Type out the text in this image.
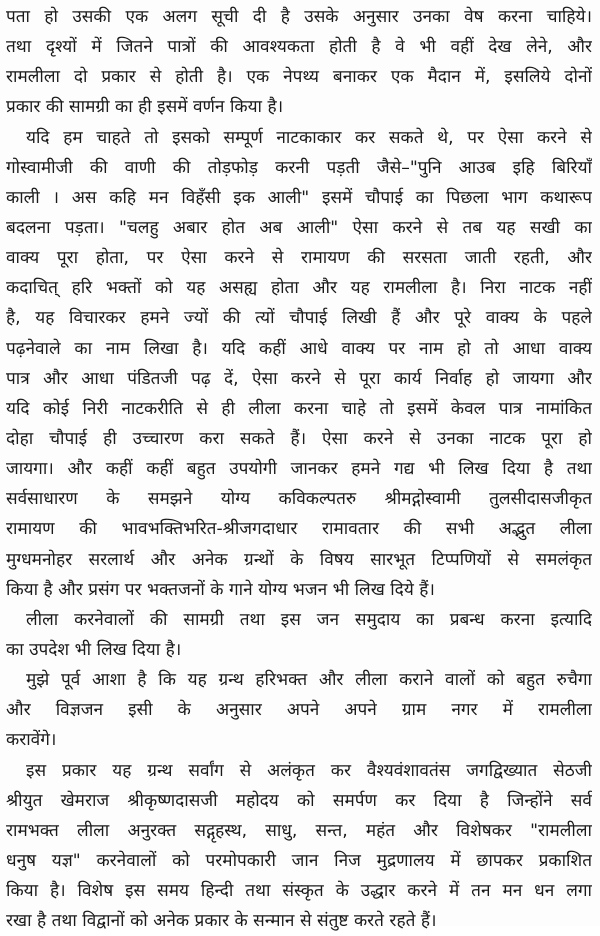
पता हो उसकी एक अलग सूची दी है उसके अनुसार उनका वेष करना चाहिये।
तथा दृश्यों में जितने पात्रों की आवश्यकता होती है वे भी वहीं देख लेने, और
रामलीला दो प्रकार से होती है। एक नेपथ्य बनाकर एक मैदान में, इसलिये दोनों
प्रकार की सामग्री का ही इसमें वर्णन किया है।
यदि हम चाहते तो इसको सम्पूर्ण नाटकाकार कर सकते थे, पर ऐसा करने से
गोस्वामीजी की वाणी की तोड़फोड़ करनी पड़ती जैसे–"पुनि आउब इहि बिरियाँ
काली । अस कहि मन विहँसी इक आली" इसमें चौपाई का पिछला भाग कथारूप
बदलना पड़ता। "चलहु अबार होत अब आली" ऐसा करने से तब यह सखी का
वाक्य पूरा होता, पर ऐसा करने से रामायण की सरसता जाती रहती, और
कदाचित् हरि भक्तों को यह असह्य होता और यह रामलीला है। निरा नाटक नहीं
है, यह विचारकर हमने ज्यों की त्यों चौपाई लिखी हैं और पूरे वाक्य के पहले
पढ़नेवाले का नाम लिखा है। यदि कहीं आधे वाक्य पर नाम हो तो आधा वाक्य
पात्र और आधा पंडितजी पढ़ दें, ऐसा करने से पूरा कार्य निर्वाह हो जायगा और
यदि कोई निरी नाटकरीति से ही लीला करना चाहे तो इसमें केवल पात्र नामांकित
दोहा चौपाई ही उच्चारण करा सकते हैं। ऐसा करने से उनका नाटक पूरा हो
जायगा। और कहीं कहीं बहुत उपयोगी जानकर हमने गद्य भी लिख दिया है तथा
सर्वसाधारण के समझने योग्य कविकल्पतरु श्रीमद्गोस्वामी तुलसीदासजीकृत
रामायण की भावभक्तिभरित-श्रीजगदाधार रामावतार की सभी अद्भुत लीला
मुग्धमनोहर सरलार्थ और अनेक ग्रन्थों के विषय सारभूत टिप्पणियों से समलंकृत
किया है और प्रसंग पर भक्तजनों के गाने योग्य भजन भी लिख दिये हैं।
लीला करनेवालों की सामग्री तथा इस जन समुदाय का प्रबन्ध करना इत्यादि
का उपदेश भी लिख दिया है।
मुझे पूर्व आशा है कि यह ग्रन्थ हरिभक्त और लीला कराने वालों को बहुत रुचैगा
और विज्ञजन इसी के अनुसार अपने अपने ग्राम नगर में रामलीला
करावेंगे।
इस प्रकार यह ग्रन्थ सर्वांग से अलंकृत कर वैश्यवंशावतंस जगद्विख्यात सेठजी
श्रीयुत खेमराज श्रीकृष्णदासजी महोदय को समर्पण कर दिया है जिन्होंने सर्व
रामभक्त लीला अनुरक्त सद्गृहस्थ, साधु, सन्त, महंत और विशेषकर "रामलीला
धनुष यज्ञ" करनेवालों को परमोपकारी जान निज मुद्रणालय में छापकर प्रकाशित
किया है। विशेष इस समय हिन्दी तथा संस्कृत के उद्धार करने में तन मन धन लगा
रखा है तथा विद्वानों को अनेक प्रकार के सन्मान से संतुष्ट करते रहते हैं।
